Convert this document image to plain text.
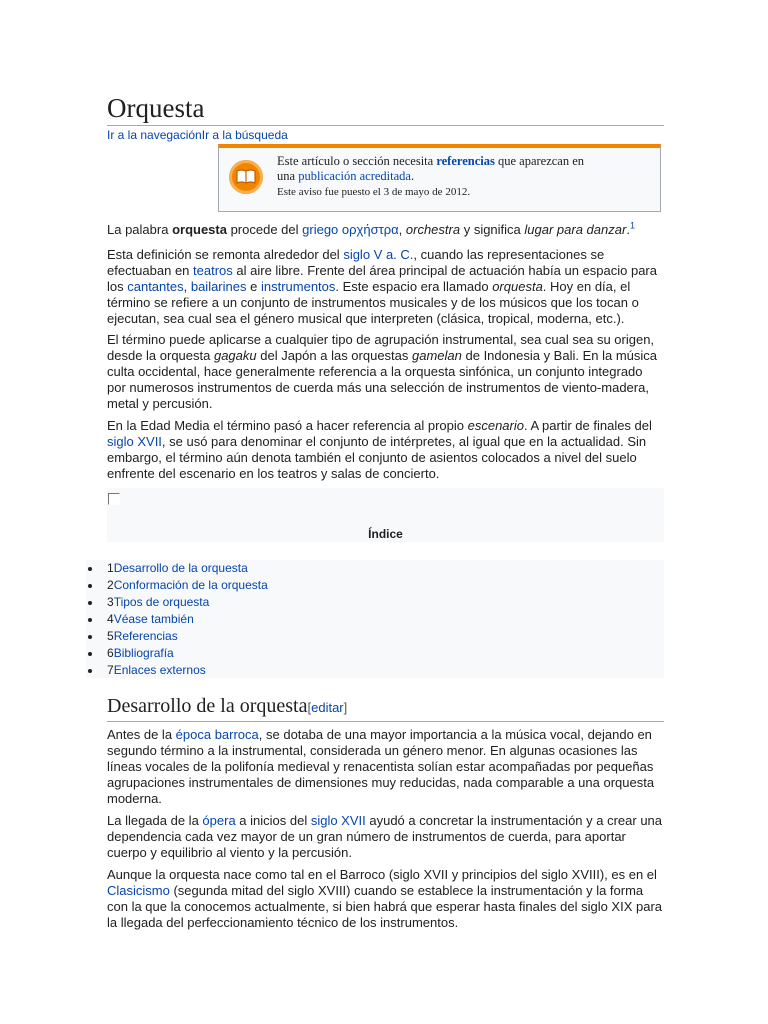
Orquesta
Ir a la navegaciónIr a la búsqueda
Este artículo o sección necesita referencias que aparezcan en
una publicación acreditada.
Este aviso fue puesto el 3 de mayo de 2012.

La palabra orquesta procede del griego ορχήστρα, orchestra y significa lugar para danzar.$^1$

Esta definición se remonta alrededor del siglo V a. C., cuando las representaciones se efectuaban en teatros al aire libre. Frente del área principal de actuación había un espacio para los cantantes, bailarines e instrumentos. Este espacio era llamado orquesta. Hoy en día, el término se refiere a un conjunto de instrumentos musicales y de los músicos que los tocan o ejecutan, sea cual sea el género musical que interpreten (clásica, tropical, moderna, etc.).

El término puede aplicarse a cualquier tipo de agrupación instrumental, sea cual sea su origen, desde la orquesta gagaku del Japón a las orquestas gamelan de Indonesia y Bali. En la música culta occidental, hace generalmente referencia a la orquesta sinfónica, un conjunto integrado por numerosos instrumentos de cuerda más una selección de instrumentos de viento-madera, metal y percusión.

En la Edad Media el término pasó a hacer referencia al propio escenario. A partir de finales del siglo XVII, se usó para denominar el conjunto de intérpretes, al igual que en la actualidad. Sin embargo, el término aún denota también el conjunto de asientos colocados a nivel del suelo enfrente del escenario en los teatros y salas de concierto.

Índice
Desarrollo de la orquesta[editar]

Antes de la época barroca, se dotaba de una mayor importancia a la música vocal, dejando en segundo término a la instrumental, considerada un género menor. En algunas ocasiones las líneas vocales de la polifonía medieval y renacentista solían estar acompañadas por pequeñas agrupaciones instrumentales de dimensiones muy reducidas, nada comparable a una orquesta moderna.

La llegada de la ópera a inicios del siglo XVII ayudó a concretar la instrumentación y a crear una dependencia cada vez mayor de un gran número de instrumentos de cuerda, para aportar cuerpo y equilibrio al viento y la percusión.

Aunque la orquesta nace como tal en el Barroco (siglo XVII y principios del siglo XVIII), es en el Clasicismo (segunda mitad del siglo XVIII) cuando se establece la instrumentación y la forma con la que la conocemos actualmente, si bien habrá que esperar hasta finales del siglo XIX para la llegada del perfeccionamiento técnico de los instrumentos.

1Desarrollo de la orquesta
2Conformación de la orquesta
3Tipos de orquesta
4Véase también
5Referencias
6Bibliografía
7Enlaces externos
